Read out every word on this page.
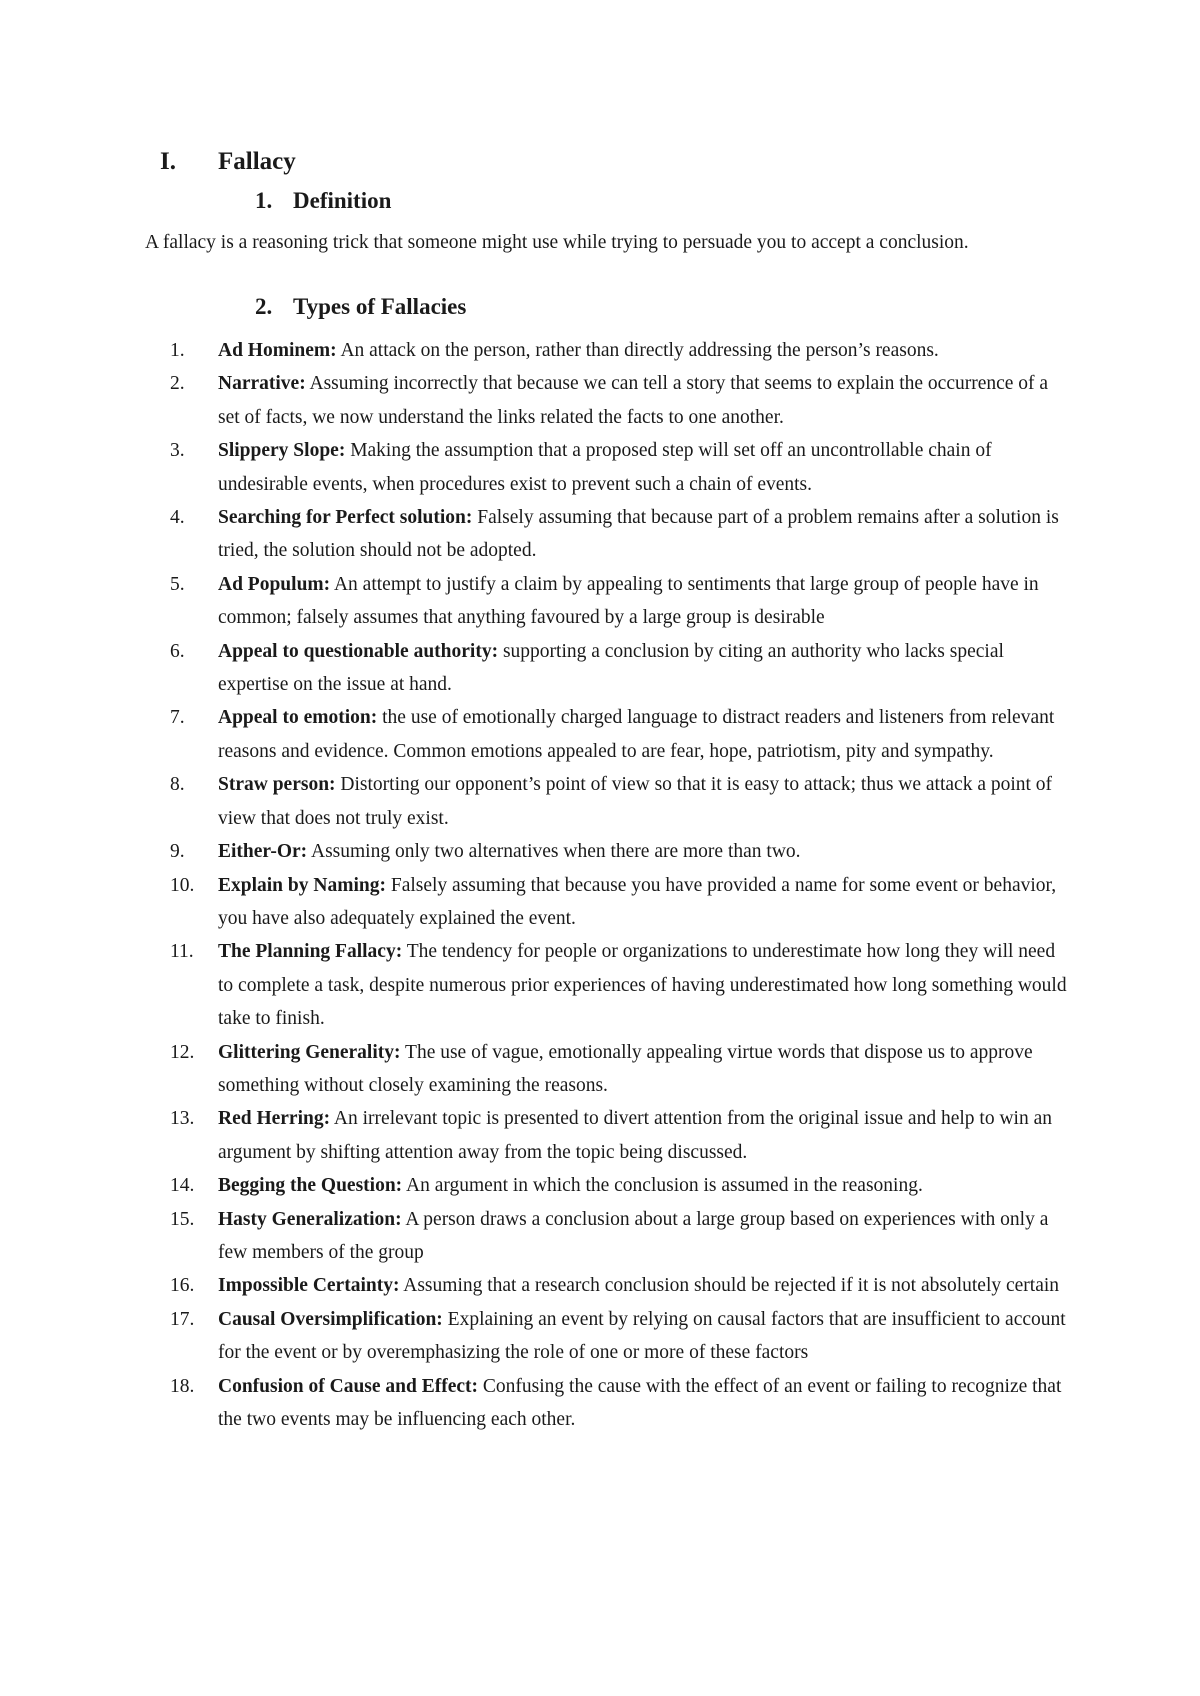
I.	Fallacy
1. Definition
A fallacy is a reasoning trick that someone might use while trying to persuade you to accept a conclusion.
2. Types of Fallacies
1.	Ad Hominem: An attack on the person, rather than directly addressing the person’s reasons.
2.	Narrative: Assuming incorrectly that because we can tell a story that seems to explain the occurrence of a set of facts, we now understand the links related the facts to one another.
3.	Slippery Slope: Making the assumption that a proposed step will set off an uncontrollable chain of undesirable events, when procedures exist to prevent such a chain of events.
4.	Searching for Perfect solution: Falsely assuming that because part of a problem remains after a solution is tried, the solution should not be adopted.
5.	Ad Populum: An attempt to justify a claim by appealing to sentiments that large group of people have in common; falsely assumes that anything favoured by a large group is desirable
6.	Appeal to questionable authority: supporting a conclusion by citing an authority who lacks special expertise on the issue at hand.
7.	Appeal to emotion: the use of emotionally charged language to distract readers and listeners from relevant reasons and evidence. Common emotions appealed to are fear, hope, patriotism, pity and sympathy.
8.	Straw person: Distorting our opponent’s point of view so that it is easy to attack; thus we attack a point of view that does not truly exist.
9.	Either-Or: Assuming only two alternatives when there are more than two.
10.	Explain by Naming: Falsely assuming that because you have provided a name for some event or behavior, you have also adequately explained the event.
11.	The Planning Fallacy: The tendency for people or organizations to underestimate how long they will need to complete a task, despite numerous prior experiences of having underestimated how long something would take to finish.
12.	Glittering Generality: The use of vague, emotionally appealing virtue words that dispose us to approve something without closely examining the reasons.
13.	Red Herring: An irrelevant topic is presented to divert attention from the original issue and help to win an argument by shifting attention away from the topic being discussed.
14.	Begging the Question: An argument in which the conclusion is assumed in the reasoning.
15.	Hasty Generalization: A person draws a conclusion about a large group based on experiences with only a few members of the group
16.	Impossible Certainty: Assuming that a research conclusion should be rejected if it is not absolutely certain
17.	Causal Oversimplification: Explaining an event by relying on causal factors that are insufficient to account for the event or by overemphasizing the role of one or more of these factors
18.	Confusion of Cause and Effect: Confusing the cause with the effect of an event or failing to recognize that the two events may be influencing each other.
